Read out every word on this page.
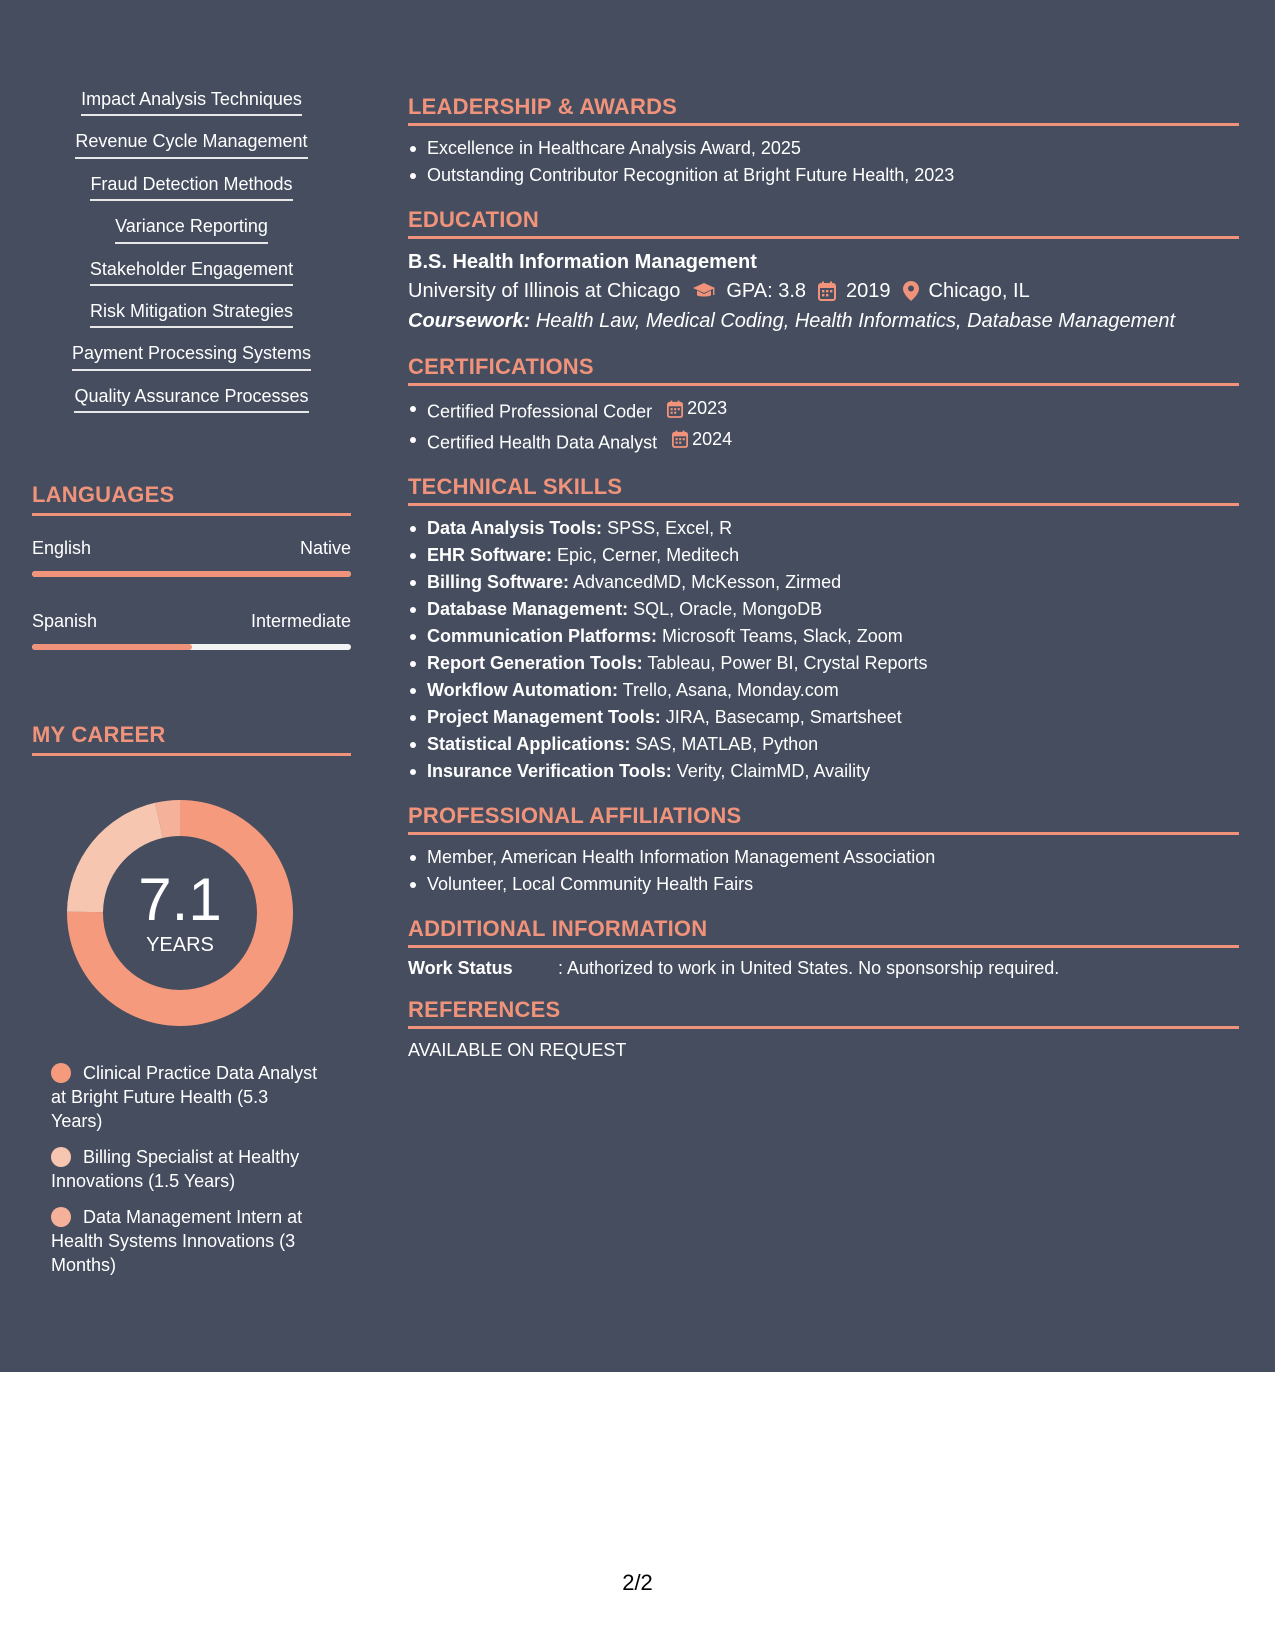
Impact Analysis Techniques
Revenue Cycle Management
Fraud Detection Methods
Variance Reporting
Stakeholder Engagement
Risk Mitigation Strategies
Payment Processing Systems
Quality Assurance Processes
LANGUAGES
English	Native
Spanish	Intermediate
MY CAREER
7.1
YEARS
Clinical Practice Data Analyst at Bright Future Health (5.3 Years)
Billing Specialist at Healthy Innovations (1.5 Years)
Data Management Intern at Health Systems Innovations (3 Months)
LEADERSHIP & AWARDS
Excellence in Healthcare Analysis Award, 2025
Outstanding Contributor Recognition at Bright Future Health, 2023
EDUCATION
B.S. Health Information Management
University of Illinois at Chicago GPA: 3.8 2019 Chicago, IL
Coursework: Health Law, Medical Coding, Health Informatics, Database Management
CERTIFICATIONS
Certified Professional Coder 2023
Certified Health Data Analyst 2024
TECHNICAL SKILLS
Data Analysis Tools: SPSS, Excel, R
EHR Software: Epic, Cerner, Meditech
Billing Software: AdvancedMD, McKesson, Zirmed
Database Management: SQL, Oracle, MongoDB
Communication Platforms: Microsoft Teams, Slack, Zoom
Report Generation Tools: Tableau, Power BI, Crystal Reports
Workflow Automation: Trello, Asana, Monday.com
Project Management Tools: JIRA, Basecamp, Smartsheet
Statistical Applications: SAS, MATLAB, Python
Insurance Verification Tools: Verity, ClaimMD, Availity
PROFESSIONAL AFFILIATIONS
Member, American Health Information Management Association
Volunteer, Local Community Health Fairs
ADDITIONAL INFORMATION
Work Status	: Authorized to work in United States. No sponsorship required.
REFERENCES
AVAILABLE ON REQUEST
2/2
